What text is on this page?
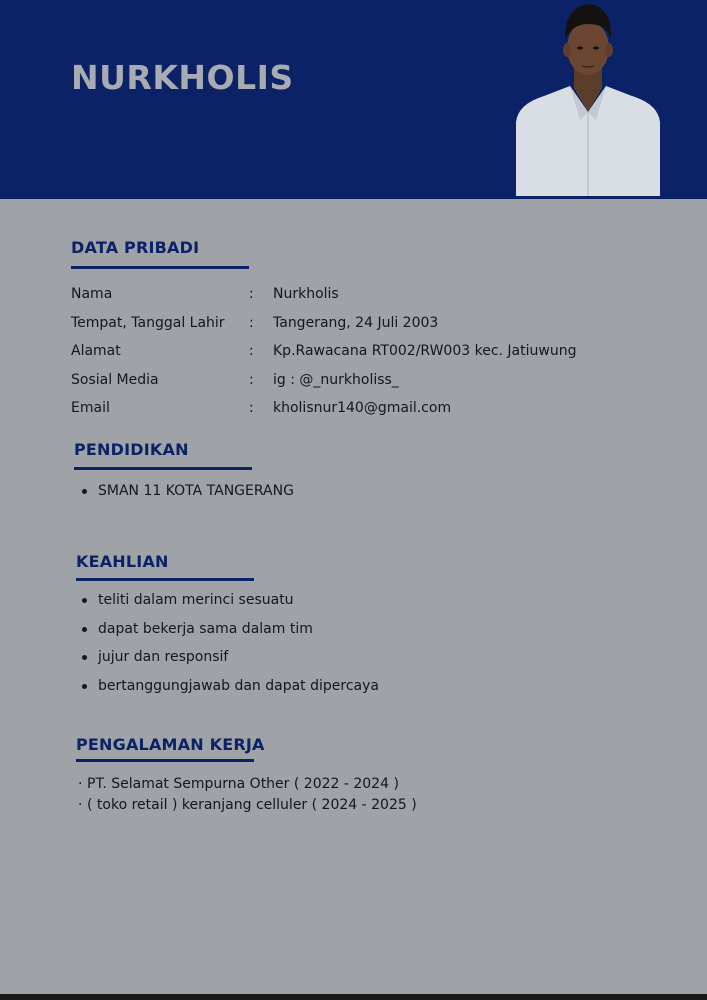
NURKHOLIS
DATA PRIBADI
Nama	: Nurkholis
Tempat, Tanggal Lahir : Tangerang, 24 Juli 2003
Alamat	: Kp.Rawacana RT002/RW003 kec. Jatiuwung
Sosial Media	: ig : @_nurkholiss_
Email	: kholisnur140@gmail.com
PENDIDIKAN
SMAN 11 KOTA TANGERANG
KEAHLIAN
teliti dalam merinci sesuatu
dapat bekerja sama dalam tim
jujur dan responsif
bertanggungjawab dan dapat dipercaya
PENGALAMAN KERJA
· PT. Selamat Sempurna Other ( 2022 - 2024 )
· ( toko retail ) keranjang celluler ( 2024 - 2025 )
